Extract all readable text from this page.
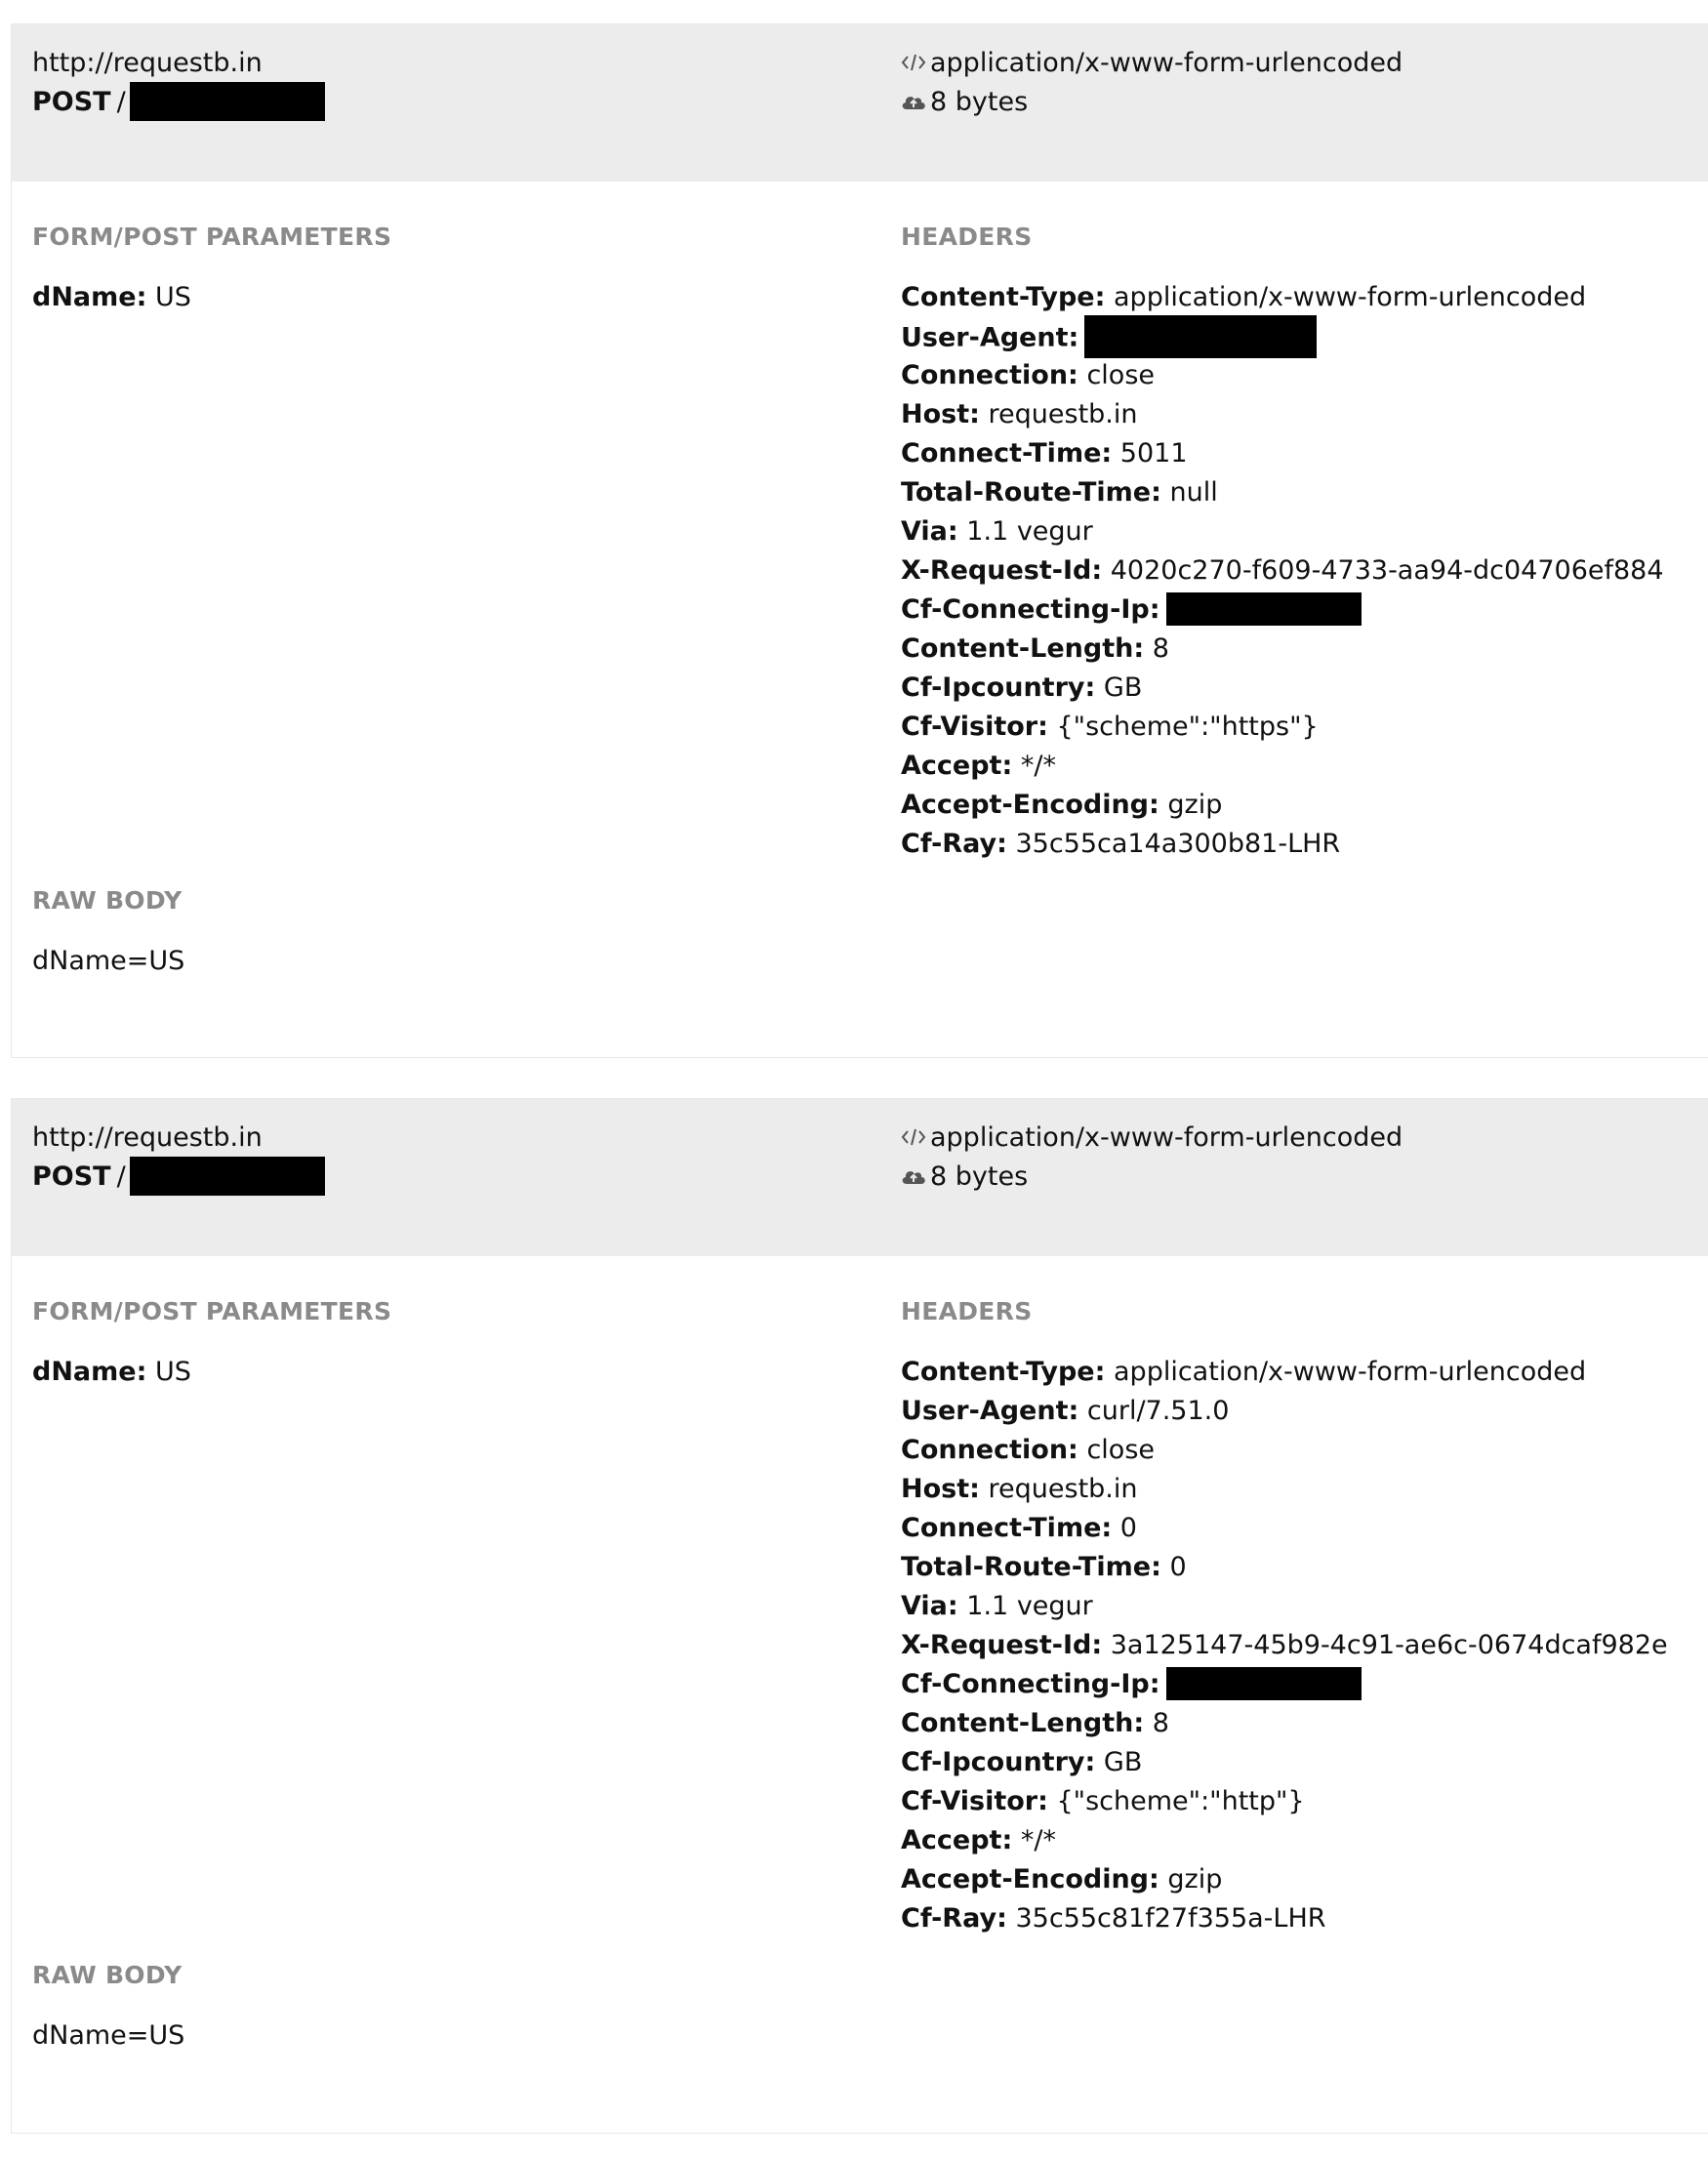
http://requestb.in
POST /
application/x-www-form-urlencoded
8 bytes
FORM/POST PARAMETERS
dName: US
HEADERS
Content-Type: application/x-www-form-urlencoded
User-Agent:
Connection: close
Host: requestb.in
Connect-Time: 5011
Total-Route-Time: null
Via: 1.1 vegur
X-Request-Id: 4020c270-f609-4733-aa94-dc04706ef884
Cf-Connecting-Ip:
Content-Length: 8
Cf-Ipcountry: GB
Cf-Visitor: {"scheme":"https"}
Accept: */*
Accept-Encoding: gzip
Cf-Ray: 35c55ca14a300b81-LHR
RAW BODY
dName=US
http://requestb.in
POST /
application/x-www-form-urlencoded
8 bytes
FORM/POST PARAMETERS
dName: US
HEADERS
Content-Type: application/x-www-form-urlencoded
User-Agent: curl/7.51.0
Connection: close
Host: requestb.in
Connect-Time: 0
Total-Route-Time: 0
Via: 1.1 vegur
X-Request-Id: 3a125147-45b9-4c91-ae6c-0674dcaf982e
Cf-Connecting-Ip:
Content-Length: 8
Cf-Ipcountry: GB
Cf-Visitor: {"scheme":"http"}
Accept: */*
Accept-Encoding: gzip
Cf-Ray: 35c55c81f27f355a-LHR
RAW BODY
dName=US
